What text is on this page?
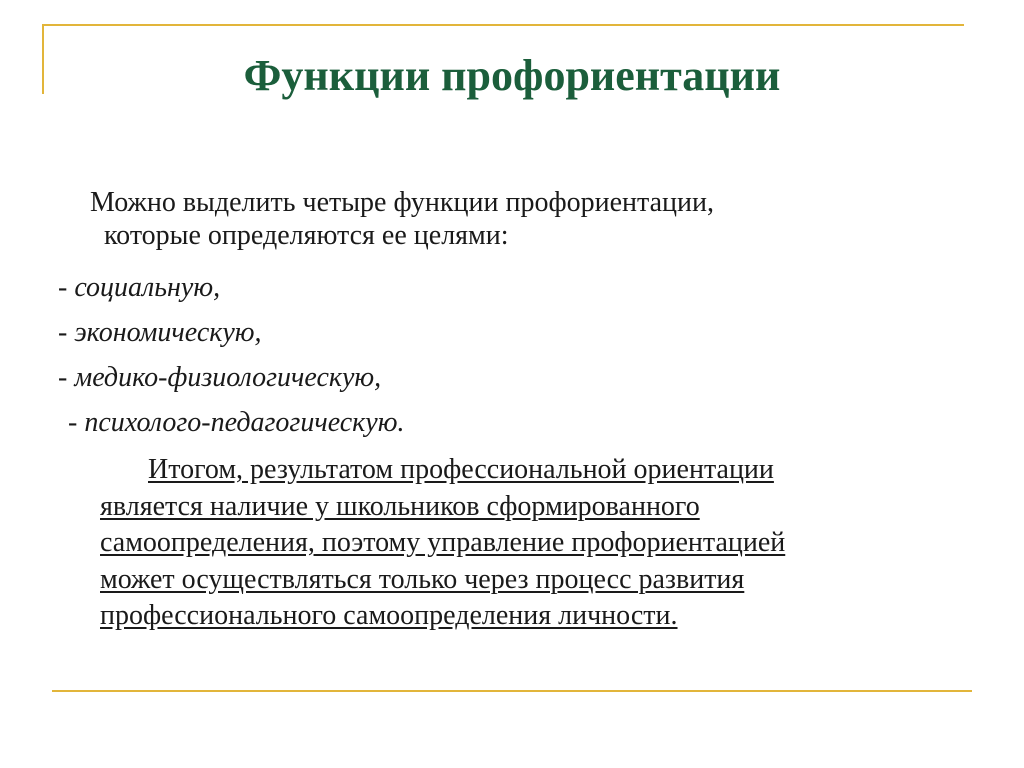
Функции профориентации

Можно выделить четыре функции профориентации,
которые определяются ее целями:

- социальную,
- экономическую,
- медико-физиологическую,
- психолого-педагогическую.

Итогом, результатом профессиональной ориентации
является наличие у школьников сформированного
самоопределения, поэтому управление профориентацией
может осуществляться только через процесс развития
профессионального самоопределения личности.
